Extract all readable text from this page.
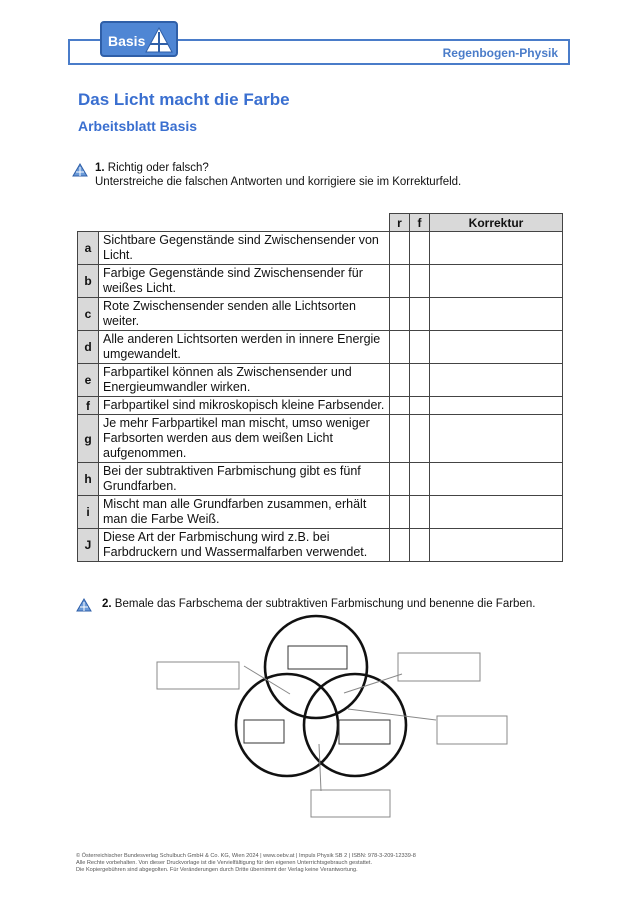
Regenbogen-Physik
Basis
Das Licht macht die Farbe
Arbeitsblatt Basis
1. Richtig oder falsch?
Unterstreiche die falschen Antworten und korrigiere sie im Korrekturfeld.
		r	f	Korrektur
a	Sichtbare Gegenstände sind Zwischensender von Licht.			
b	Farbige Gegenstände sind Zwischensender für weißes Licht.			
c	Rote Zwischensender senden alle Lichtsorten weiter.			
d	Alle anderen Lichtsorten werden in innere Energie umgewandelt.			
e	Farbpartikel können als Zwischensender und Energieumwandler wirken.			
f	Farbpartikel sind mikroskopisch kleine Farbsender.			
g	Je mehr Farbpartikel man mischt, umso weniger Farbsorten werden aus dem weißen Licht aufgenommen.			
h	Bei der subtraktiven Farbmischung gibt es fünf Grundfarben.			
i	Mischt man alle Grundfarben zusammen, erhält man die Farbe Weiß.			
J	Diese Art der Farbmischung wird z.B. bei Farbdruckern und Wassermalfarben verwendet.			
2. Bemale das Farbschema der subtraktiven Farbmischung und benenne die Farben.
© Österreichischer Bundesverlag Schulbuch GmbH & Co. KG, Wien 2024 | www.oebv.at | Impuls Physik SB 2 | ISBN: 978-3-209-12339-8
Alle Rechte vorbehalten. Von dieser Druckvorlage ist die Vervielfältigung für den eigenen Unterrichtsgebrauch gestattet.
Die Kopiergebühren sind abgegolten. Für Veränderungen durch Dritte übernimmt der Verlag keine Verantwortung.
